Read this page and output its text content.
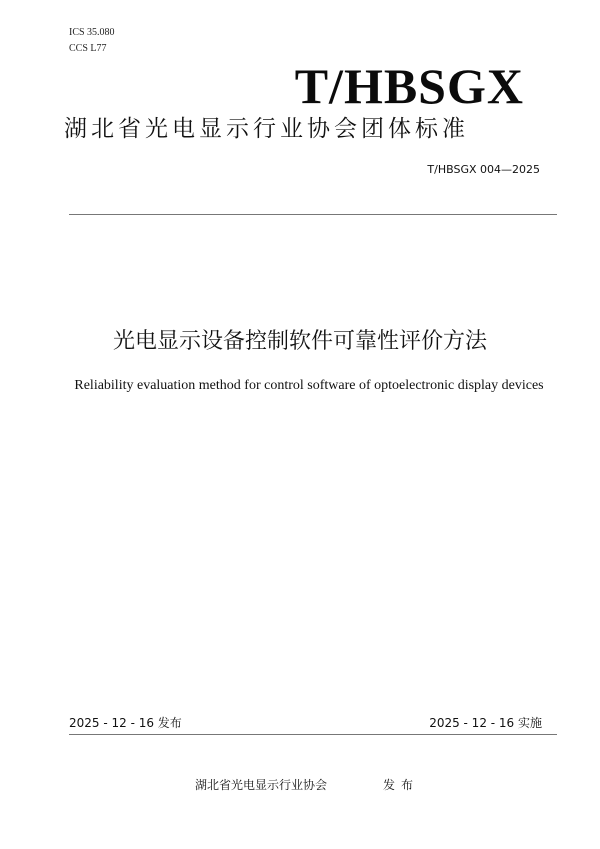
ICS 35.080
CCS L77
T/HBSGX
湖北省光电显示行业协会团体标准
T/HBSGX 004—2025
光电显示设备控制软件可靠性评价方法
Reliability evaluation method for control software of optoelectronic display devices
2025 - 12 - 16 发布	2025 - 12 - 16 实施
湖北省光电显示行业协会	发布
